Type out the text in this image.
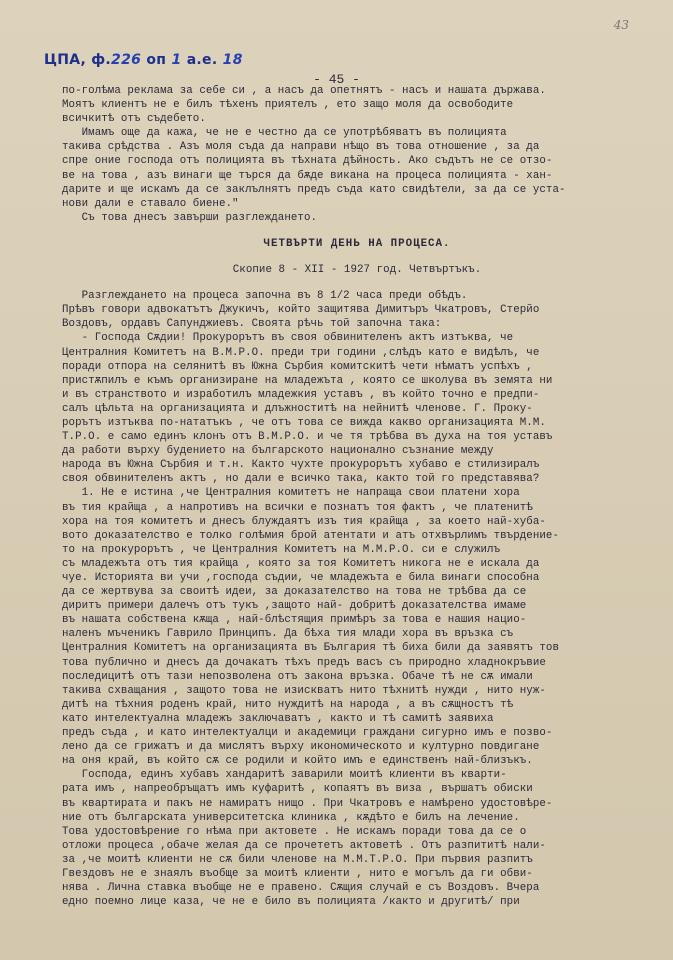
ЦПА, ф.226 оп 1 а.е. 18
43
- 45 -

по-голѣма реклама за себе си , а насъ да опетнятъ - насъ и нашата държава.

Моятъ клиентъ не е билъ тѣхенъ приятелъ , ето защо моля да освободите

всичкитѣ отъ съдебето.

Имамъ още да кажа, че не е честно да се употрѣбяватъ въ полицията

такива срѣдства . Азъ моля съда да направи нѣщо въ това отношение , за да

спре оние господа отъ полицията въ тѣхната дѣйность. Ако съдътъ не се отзо-

ве на това , азъ винаги ще търся да бѫде викана на процеса полицията - хан-

дарите и ще искамъ да се заклълнятъ предъ съда като свидѣтели, за да се уста-

нови дали е ставало биене."

Съ това днесъ завърши разглеждането.

ЧЕТВЪРТИ ДЕНЬ НА ПРОЦЕСА.

Скопие 8 - ХII - 1927 год. Четвъртъкъ.

Разглеждането на процеса започна въ 8 1/2 часа преди обѣдъ.

Прѣвъ говори адвокатътъ Джукичъ, който защитява Димитъръ Чкатровъ, Стерйо

Воздовъ, ордавъ Сапунджиевъ. Своята рѣчь той започна така:

- Господа Сѫдии! Прокурорътъ въ своя обвинителенъ актъ изтъква, че

Централния Комитетъ на В.М.Р.О. преди три години ,слѣдъ като е видѣлъ, че

поради отпора на селянитѣ въ Южна Сърбия комитскитѣ чети нѣматъ успѣхъ ,

пристѫпилъ е къмъ организиране на младежъта , която се школува въ земята ни

и въ странството и изработилъ младежкия уставъ , въ който точно е предпи-

салъ цѣльта на организацията и длъжноститѣ на нейнитѣ членове. Г. Прoку-

рорътъ изтъква по-нататъкъ , че отъ това се вижда какво организацията М.М.

Т.Р.О. е само единъ клонъ отъ В.М.Р.О. и че тя трѣбва въ духа на тоя уставъ

да работи върху будението на българското национално съзнание между

народа въ Южна Сърбия и т.н. Както чухте прокурорътъ хубаво е стилизиралъ

своя обвинителенъ актъ , но дали е всичко така, както той го представява?

1. Не е истина ,че Централния комитетъ не напраща свои платени хора

въ тия крайща , а напротивъ на всички е познатъ тоя фактъ , че платенитѣ

хора на тоя комитетъ и днесъ блуждаятъ изъ тия крайща , за което най-хуба-

вото доказателство е толко голѣмия брой атентати и атъ отхвърлимъ твърдение-

то на прокурорътъ , че Централния Комитетъ на М.М.Р.О. си е служилъ

съ младежъта отъ тия крайща , която за тоя Комитетъ никога не е искала да

чуе. Историята ви учи ,господа съдии, че младежъта е била винаги способна

да се жертвува за своитѣ идеи, за доказателство на това не трѣбва да се

диритъ примери далечъ отъ тукъ ,защото най- добритѣ доказателства имаме

въ нашата собствена кѫща , най-блѣстящия примѣръ за това е нашия нацио-

наленъ мъченикъ Гаврило Принципъ. Да бѣха тия млади хора въ връзка съ

Централния Комитетъ на организацията въ България тѣ биха били да заявятъ тов

това публично и днесъ да дочакатъ тѣхъ предъ васъ съ природно хладнокръвие

последицитѣ отъ тази непозволена отъ закона връзка. Обаче тѣ не сѫ имали

такива схващания , защото това не изискватъ нито тѣхнитѣ нужди , нито нуж-

дитѣ на тѣхния роденъ край, нито нуждитѣ на народа , а въ сѫщностъ тѣ

като интелектуална младежъ заключаватъ , както и тѣ самитѣ заявиха

предъ съда , и като интелектуалци и академици граждани сигурно имъ е позво-

лено да се грижатъ и да мислятъ върху икономическото и културно повдигане

на оня край, въ който сѫ се родили и който имъ е единственъ най-близъкъ.

Господа, единъ хубавъ хандаритѣ заварили моитѣ клиенти въ кварти-

рата имъ , напреобръщатъ имъ куфаритѣ , копаятъ въ виза , вършатъ обиски

въ квартирата и пакъ не намиратъ нищо . При Чкатровъ е намѣрено удостовѣре-

ние отъ българската университетска клиника , кѫдѣто е билъ на лечение.

Това удостовѣрение го нѣма при актовете . Не искамъ поради това да се о

отложи процеса ,обаче желая да се прочететъ актоветѣ . Отъ разпититѣ нали-

за ,че моитѣ клиенти не сѫ били членове на М.М.Т.Р.О. При първия разпитъ

Гвездовъ не е знаялъ въобще за моитѣ клиенти , нито е могълъ да ги обви-

нява . Лична ставка въобще не е правено. Сѫщия случай е съ Воздовъ. Вчера

едно поемно лице каза, че не е било въ полицията /както и другитѣ/ при
